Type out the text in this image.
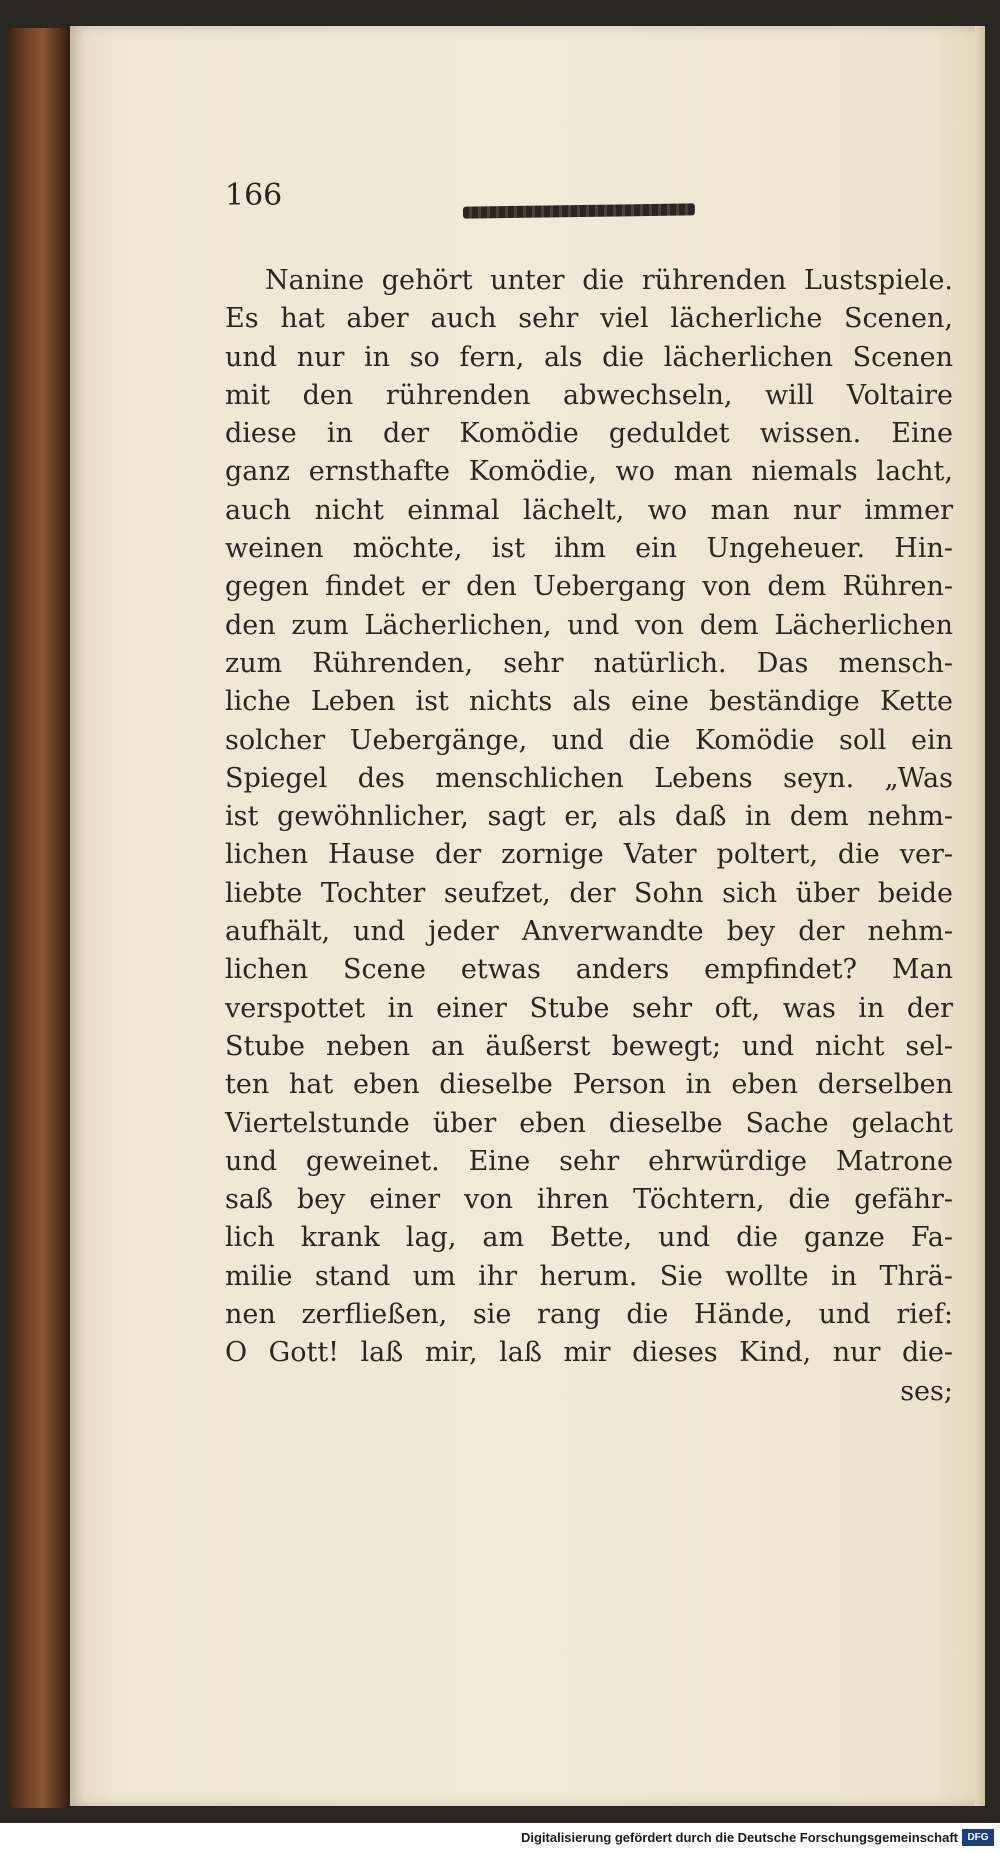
166
Nanine gehört unter die rührenden Lustspiele.
Es hat aber auch sehr viel lächerliche Scenen,
und nur in so fern, als die lächerlichen Scenen
mit den rührenden abwechseln, will Voltaire
diese in der Komödie geduldet wissen. Eine
ganz ernsthafte Komödie, wo man niemals lacht,
auch nicht einmal lächelt, wo man nur immer
weinen möchte, ist ihm ein Ungeheuer. Hin-
gegen findet er den Uebergang von dem Rühren-
den zum Lächerlichen, und von dem Lächerlichen
zum Rührenden, sehr natürlich. Das mensch-
liche Leben ist nichts als eine beständige Kette
solcher Uebergänge, und die Komödie soll ein
Spiegel des menschlichen Lebens seyn. „Was
ist gewöhnlicher, sagt er, als daß in dem nehm-
lichen Hause der zornige Vater poltert, die ver-
liebte Tochter seufzet, der Sohn sich über beide
aufhält, und jeder Anverwandte bey der nehm-
lichen Scene etwas anders empfindet? Man
verspottet in einer Stube sehr oft, was in der
Stube neben an äußerst bewegt; und nicht sel-
ten hat eben dieselbe Person in eben derselben
Viertelstunde über eben dieselbe Sache gelacht
und geweinet. Eine sehr ehrwürdige Matrone
saß bey einer von ihren Töchtern, die gefähr-
lich krank lag, am Bette, und die ganze Fa-
milie stand um ihr herum. Sie wollte in Thrä-
nen zerfließen, sie rang die Hände, und rief:
O Gott! laß mir, laß mir dieses Kind, nur die-
ses;
Digitalisierung gefördert durch die Deutsche Forschungsgemeinschaft DFG
